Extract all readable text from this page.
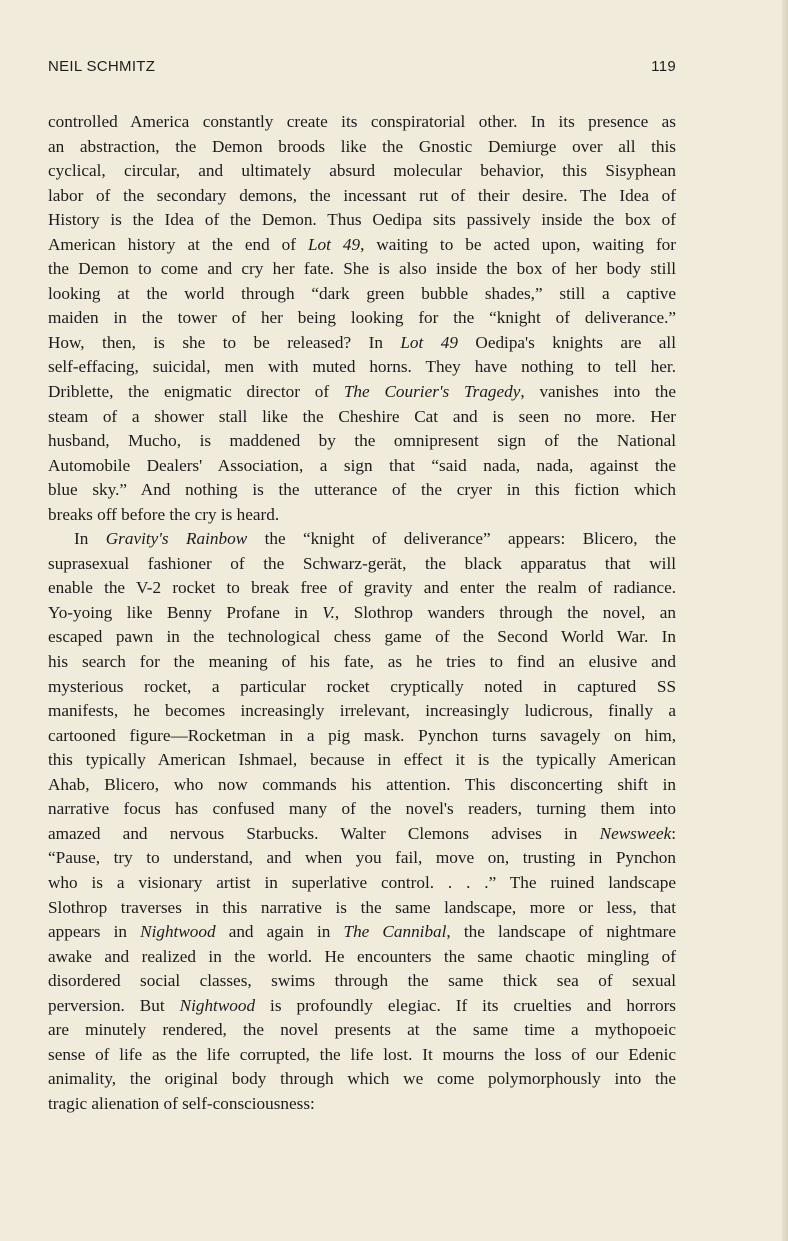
NEIL SCHMITZ	119
controlled America constantly create its conspiratorial other. In its presence as
an abstraction, the Demon broods like the Gnostic Demiurge over all this
cyclical, circular, and ultimately absurd molecular behavior, this Sisyphean
labor of the secondary demons, the incessant rut of their desire. The Idea of
History is the Idea of the Demon. Thus Oedipa sits passively inside the box of
American history at the end of Lot 49, waiting to be acted upon, waiting for
the Demon to come and cry her fate. She is also inside the box of her body still
looking at the world through “dark green bubble shades,” still a captive
maiden in the tower of her being looking for the “knight of deliverance.”
How, then, is she to be released? In Lot 49 Oedipa's knights are all
self-effacing, suicidal, men with muted horns. They have nothing to tell her.
Driblette, the enigmatic director of The Courier's Tragedy, vanishes into the
steam of a shower stall like the Cheshire Cat and is seen no more. Her
husband, Mucho, is maddened by the omnipresent sign of the National
Automobile Dealers' Association, a sign that “said nada, nada, against the
blue sky.” And nothing is the utterance of the cryer in this fiction which
breaks off before the cry is heard.
In Gravity's Rainbow the “knight of deliverance” appears: Blicero, the
suprasexual fashioner of the Schwarz-gerät, the black apparatus that will
enable the V-2 rocket to break free of gravity and enter the realm of radiance.
Yo-yoing like Benny Profane in V., Slothrop wanders through the novel, an
escaped pawn in the technological chess game of the Second World War. In
his search for the meaning of his fate, as he tries to find an elusive and
mysterious rocket, a particular rocket cryptically noted in captured SS
manifests, he becomes increasingly irrelevant, increasingly ludicrous, finally a
cartooned figure—Rocketman in a pig mask. Pynchon turns savagely on him,
this typically American Ishmael, because in effect it is the typically American
Ahab, Blicero, who now commands his attention. This disconcerting shift in
narrative focus has confused many of the novel's readers, turning them into
amazed and nervous Starbucks. Walter Clemons advises in Newsweek:
“Pause, try to understand, and when you fail, move on, trusting in Pynchon
who is a visionary artist in superlative control. . . .” The ruined landscape
Slothrop traverses in this narrative is the same landscape, more or less, that
appears in Nightwood and again in The Cannibal, the landscape of nightmare
awake and realized in the world. He encounters the same chaotic mingling of
disordered social classes, swims through the same thick sea of sexual
perversion. But Nightwood is profoundly elegiac. If its cruelties and horrors
are minutely rendered, the novel presents at the same time a mythopoeic
sense of life as the life corrupted, the life lost. It mourns the loss of our Edenic
animality, the original body through which we come polymorphously into the
tragic alienation of self-consciousness:
